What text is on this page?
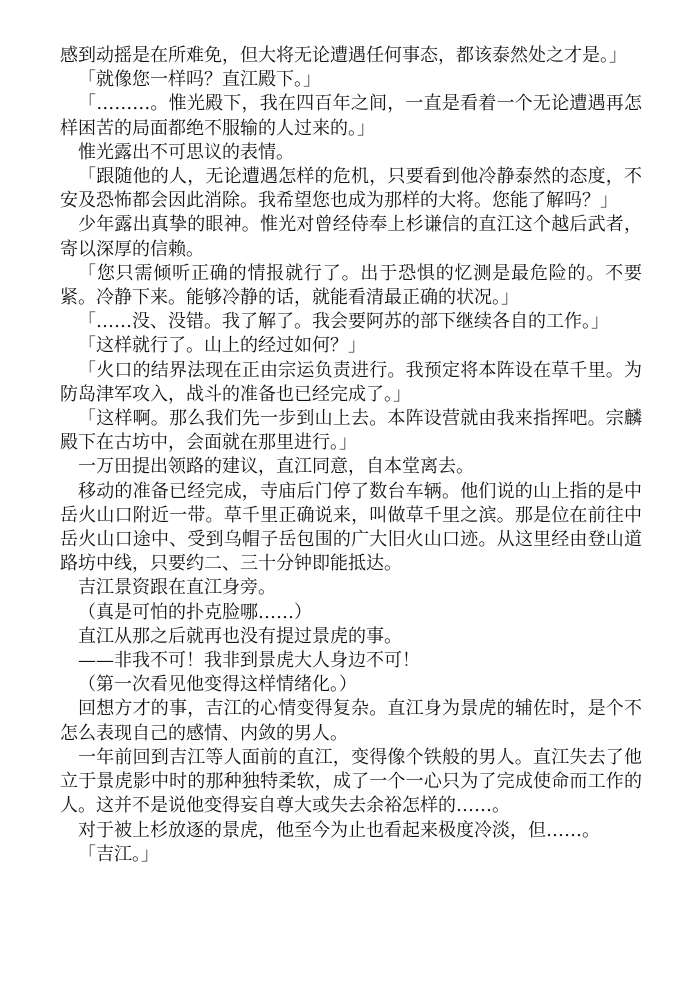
感到动摇是在所难免，但大将无论遭遇任何事态，都该泰然处之才是。」

「就像您一样吗？直江殿下。」

「………。惟光殿下，我在四百年之间，一直是看着一个无论遭遇再怎样困苦的局面都绝不服输的人过来的。」

惟光露出不可思议的表情。

「跟随他的人，无论遭遇怎样的危机，只要看到他冷静泰然的态度，不安及恐怖都会因此消除。我希望您也成为那样的大将。您能了解吗？」

少年露出真挚的眼神。惟光对曾经侍奉上杉谦信的直江这个越后武者，寄以深厚的信赖。

「您只需倾听正确的情报就行了。出于恐惧的忆测是最危险的。不要紧。冷静下来。能够冷静的话，就能看清最正确的状况。」

「……没、没错。我了解了。我会要阿苏的部下继续各自的工作。」

「这样就行了。山上的经过如何？」

「火口的结界法现在正由宗运负责进行。我预定将本阵设在草千里。为防岛津军攻入，战斗的准备也已经完成了。」

「这样啊。那么我们先一步到山上去。本阵设营就由我来指挥吧。宗麟殿下在古坊中，会面就在那里进行。」

一万田提出领路的建议，直江同意，自本堂离去。

移动的准备已经完成，寺庙后门停了数台车辆。他们说的山上指的是中岳火山口附近一带。草千里正确说来，叫做草千里之滨。那是位在前往中岳火山口途中、受到乌帽子岳包围的广大旧火山口迹。从这里经由登山道路坊中线，只要约二、三十分钟即能抵达。

吉江景资跟在直江身旁。

（真是可怕的扑克脸哪……）

直江从那之后就再也没有提过景虎的事。

——非我不可！我非到景虎大人身边不可！

（第一次看见他变得这样情绪化。）

回想方才的事，吉江的心情变得复杂。直江身为景虎的辅佐时，是个不怎么表现自己的感情、内敛的男人。

一年前回到吉江等人面前的直江，变得像个铁般的男人。直江失去了他立于景虎影中时的那种独特柔软，成了一个一心只为了完成使命而工作的人。这并不是说他变得妄自尊大或失去余裕怎样的……。

对于被上杉放逐的景虎，他至今为止也看起来极度冷淡，但……。

「吉江。」
